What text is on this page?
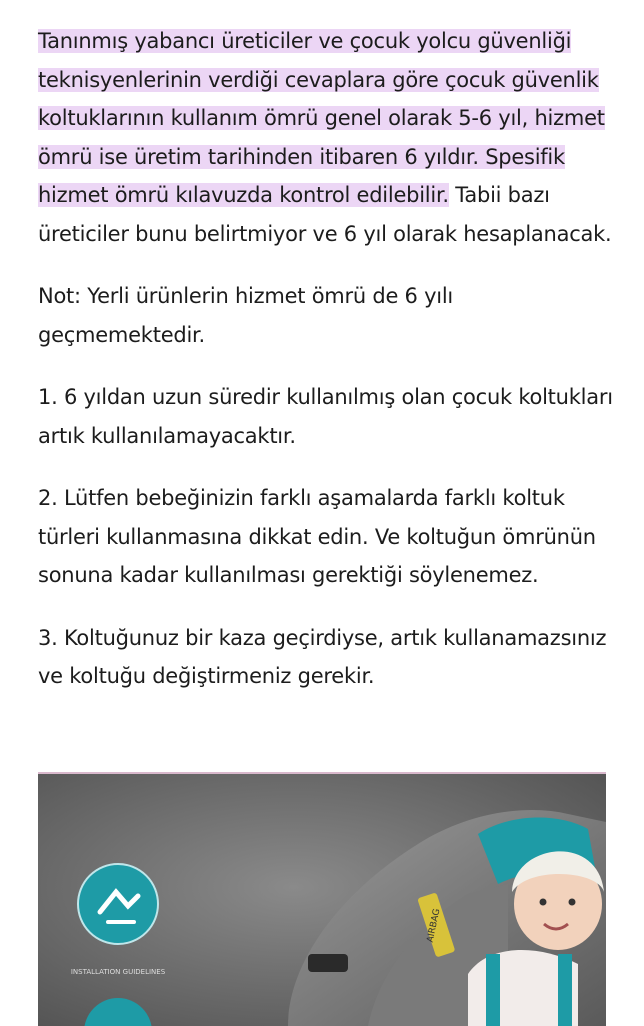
Tanınmış yabancı üreticiler ve çocuk yolcu güvenliği teknisyenlerinin verdiği cevaplara göre çocuk güvenlik koltuklarının kullanım ömrü genel olarak 5-6 yıl, hizmet ömrü ise üretim tarihinden itibaren 6 yıldır. Spesifik hizmet ömrü kılavuzda kontrol edilebilir. Tabii bazı üreticiler bunu belirtmiyor ve 6 yıl olarak hesaplanacak.

Not: Yerli ürünlerin hizmet ömrü de 6 yılı geçmemektedir.

1. 6 yıldan uzun süredir kullanılmış olan çocuk koltukları artık kullanılamayacaktır.

2. Lütfen bebeğinizin farklı aşamalarda farklı koltuk türleri kullanmasına dikkat edin. Ve koltuğun ömrünün sonuna kadar kullanılması gerektiği söylenemez.

3. Koltuğunuz bir kaza geçirdiyse, artık kullanamazsınız ve koltuğu değiştirmeniz gerekir.

AIRBAG
INSTALLATION GUIDELINES
